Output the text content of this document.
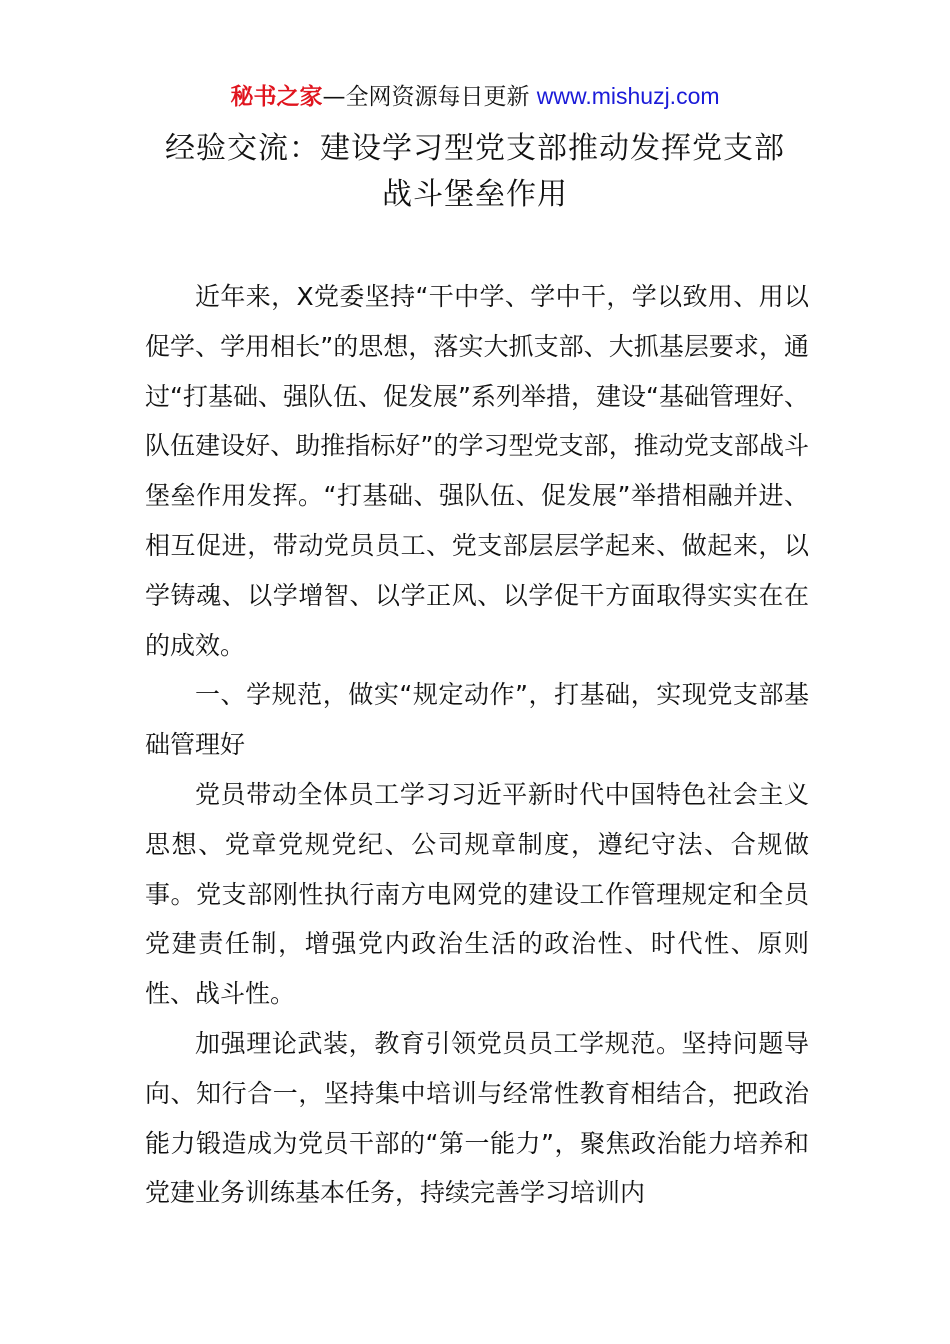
秘书之家—全网资源每日更新 www.mishuzj.com
经验交流：建设学习型党支部推动发挥党支部
战斗堡垒作用

近年来，X党委坚持“干中学、学中干，学以致用、用以促学、学用相长”的思想，落实大抓支部、大抓基层要求，通过“打基础、强队伍、促发展”系列举措，建设“基础管理好、队伍建设好、助推指标好”的学习型党支部，推动党支部战斗堡垒作用发挥。“打基础、强队伍、促发展”举措相融并进、相互促进，带动党员员工、党支部层层学起来、做起来，以学铸魂、以学增智、以学正风、以学促干方面取得实实在在的成效。

一、学规范，做实“规定动作”，打基础，实现党支部基础管理好

党员带动全体员工学习习近平新时代中国特色社会主义思想、党章党规党纪、公司规章制度，遵纪守法、合规做事。党支部刚性执行南方电网党的建设工作管理规定和全员党建责任制，增强党内政治生活的政治性、时代性、原则性、战斗性。

加强理论武装，教育引领党员员工学规范。坚持问题导向、知行合一，坚持集中培训与经常性教育相结合，把政治能力锻造成为党员干部的“第一能力”，聚焦政治能力培养和党建业务训练基本任务，持续完善学习培训内
